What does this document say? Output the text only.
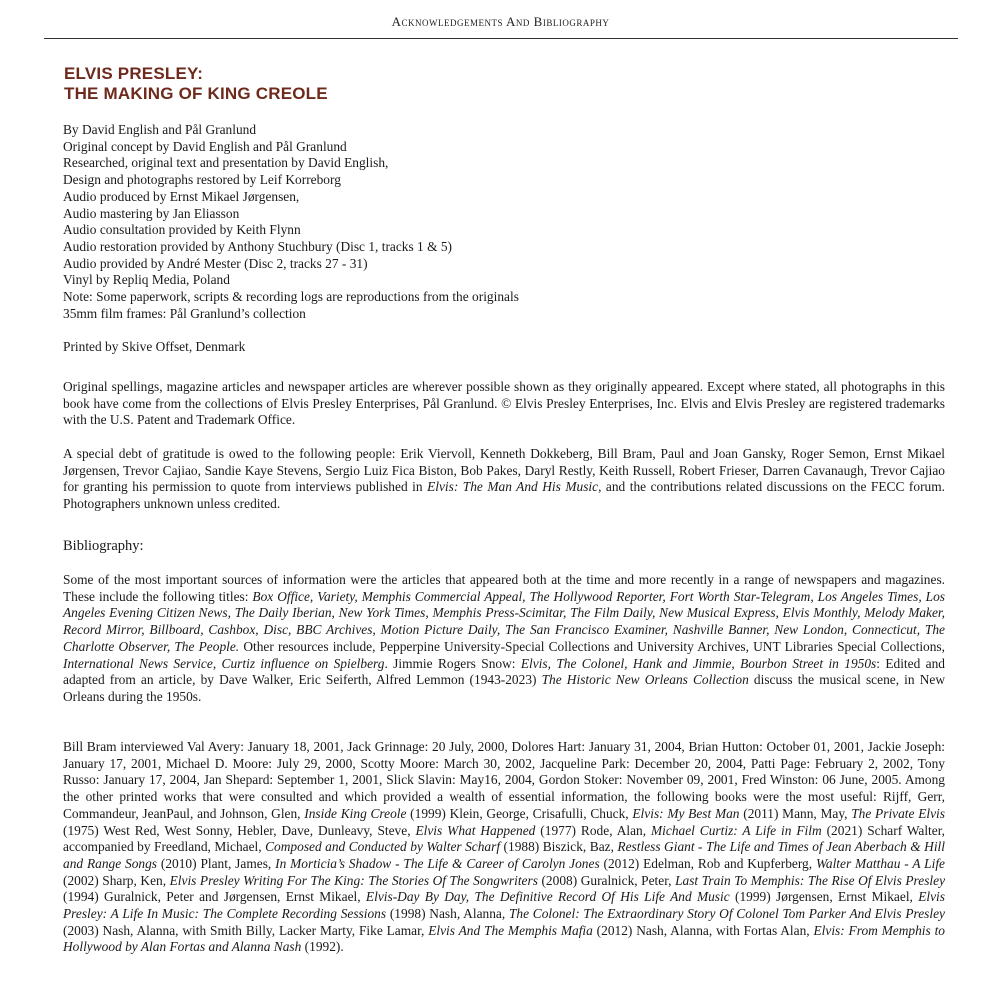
Acknowledgements And Bibliography
ELVIS PRESLEY:
THE MAKING OF KING CREOLE
By David English and Pål Granlund
Original concept by David English and Pål Granlund
Researched, original text and presentation by David English,
Design and photographs restored by Leif Korreborg
Audio produced by Ernst Mikael Jørgensen,
Audio mastering by Jan Eliasson
Audio consultation provided by Keith Flynn
Audio restoration provided by Anthony Stuchbury (Disc 1, tracks 1 & 5)
Audio provided by André Mester (Disc 2, tracks 27 - 31)
Vinyl by Repliq Media, Poland
Note: Some paperwork, scripts & recording logs are reproductions from the originals
35mm film frames: Pål Granlund’s collection
Printed by Skive Offset, Denmark
Original spellings, magazine articles and newspaper articles are wherever possible shown as they originally appeared. Except where stated, all photographs in this book have come from the collections of Elvis Presley Enterprises, Pål Granlund. © Elvis Presley Enterprises, Inc. Elvis and Elvis Presley are registered trademarks with the U.S. Patent and Trademark Office.
A special debt of gratitude is owed to the following people: Erik Viervoll, Kenneth Dokkeberg, Bill Bram, Paul and Joan Gansky, Roger Semon, Ernst Mikael Jørgensen, Trevor Cajiao, Sandie Kaye Stevens, Sergio Luiz Fica Biston, Bob Pakes, Daryl Restly, Keith Russell, Robert Frieser, Darren Cavanaugh, Trevor Cajiao for granting his permission to quote from interviews published in Elvis: The Man And His Music, and the contributions related discussions on the FECC forum. Photographers unknown unless credited.
Bibliography:
Some of the most important sources of information were the articles that appeared both at the time and more recently in a range of newspapers and magazines. These include the following titles: Box Office, Variety, Memphis Commercial Appeal, The Hollywood Reporter, Fort Worth Star-Telegram, Los Angeles Times, Los Angeles Evening Citizen News, The Daily Iberian, New York Times, Memphis Press-Scimitar, The Film Daily, New Musical Express, Elvis Monthly, Melody Maker, Record Mirror, Billboard, Cashbox, Disc, BBC Archives, Motion Picture Daily, The San Francisco Examiner, Nashville Banner, New London, Connecticut, The Charlotte Observer, The People. Other resources include, Pepperpine University-Special Collections and University Archives, UNT Libraries Special Collections, International News Service, Curtiz influence on Spielberg. Jimmie Rogers Snow: Elvis, The Colonel, Hank and Jimmie, Bourbon Street in 1950s: Edited and adapted from an article, by Dave Walker, Eric Seiferth, Alfred Lemmon (1943-2023) The Historic New Orleans Collection discuss the musical scene, in New Orleans during the 1950s.
Bill Bram interviewed Val Avery: January 18, 2001, Jack Grinnage: 20 July, 2000, Dolores Hart: January 31, 2004, Brian Hutton: October 01, 2001, Jackie Joseph: January 17, 2001, Michael D. Moore: July 29, 2000, Scotty Moore: March 30, 2002, Jacqueline Park: December 20, 2004, Patti Page: February 2, 2002, Tony Russo: January 17, 2004, Jan Shepard: September 1, 2001, Slick Slavin: May16, 2004, Gordon Stoker: November 09, 2001, Fred Winston: 06 June, 2005. Among the other printed works that were consulted and which provided a wealth of essential information, the following books were the most useful: Rijff, Gerr, Commandeur, JeanPaul, and Johnson, Glen, Inside King Creole (1999) Klein, George, Crisafulli, Chuck, Elvis: My Best Man (2011) Mann, May, The Private Elvis (1975) West Red, West Sonny, Hebler, Dave, Dunleavy, Steve, Elvis What Happened (1977) Rode, Alan, Michael Curtiz: A Life in Film (2021) Scharf Walter, accompanied by Freedland, Michael, Composed and Conducted by Walter Scharf (1988) Biszick, Baz, Restless Giant - The Life and Times of Jean Aberbach & Hill and Range Songs (2010) Plant, James, In Morticia’s Shadow - The Life & Career of Carolyn Jones (2012) Edelman, Rob and Kupferberg, Walter Matthau - A Life (2002) Sharp, Ken, Elvis Presley Writing For The King: The Stories Of The Songwriters (2008) Guralnick, Peter, Last Train To Memphis: The Rise Of Elvis Presley (1994) Guralnick, Peter and Jørgensen, Ernst Mikael, Elvis-Day By Day, The Definitive Record Of His Life And Music (1999) Jørgensen, Ernst Mikael, Elvis Presley: A Life In Music: The Complete Recording Sessions (1998) Nash, Alanna, The Colonel: The Extraordinary Story Of Colonel Tom Parker And Elvis Presley (2003) Nash, Alanna, with Smith Billy, Lacker Marty, Fike Lamar, Elvis And The Memphis Mafia (2012) Nash, Alanna, with Fortas Alan, Elvis: From Memphis to Hollywood by Alan Fortas and Alanna Nash (1992).
